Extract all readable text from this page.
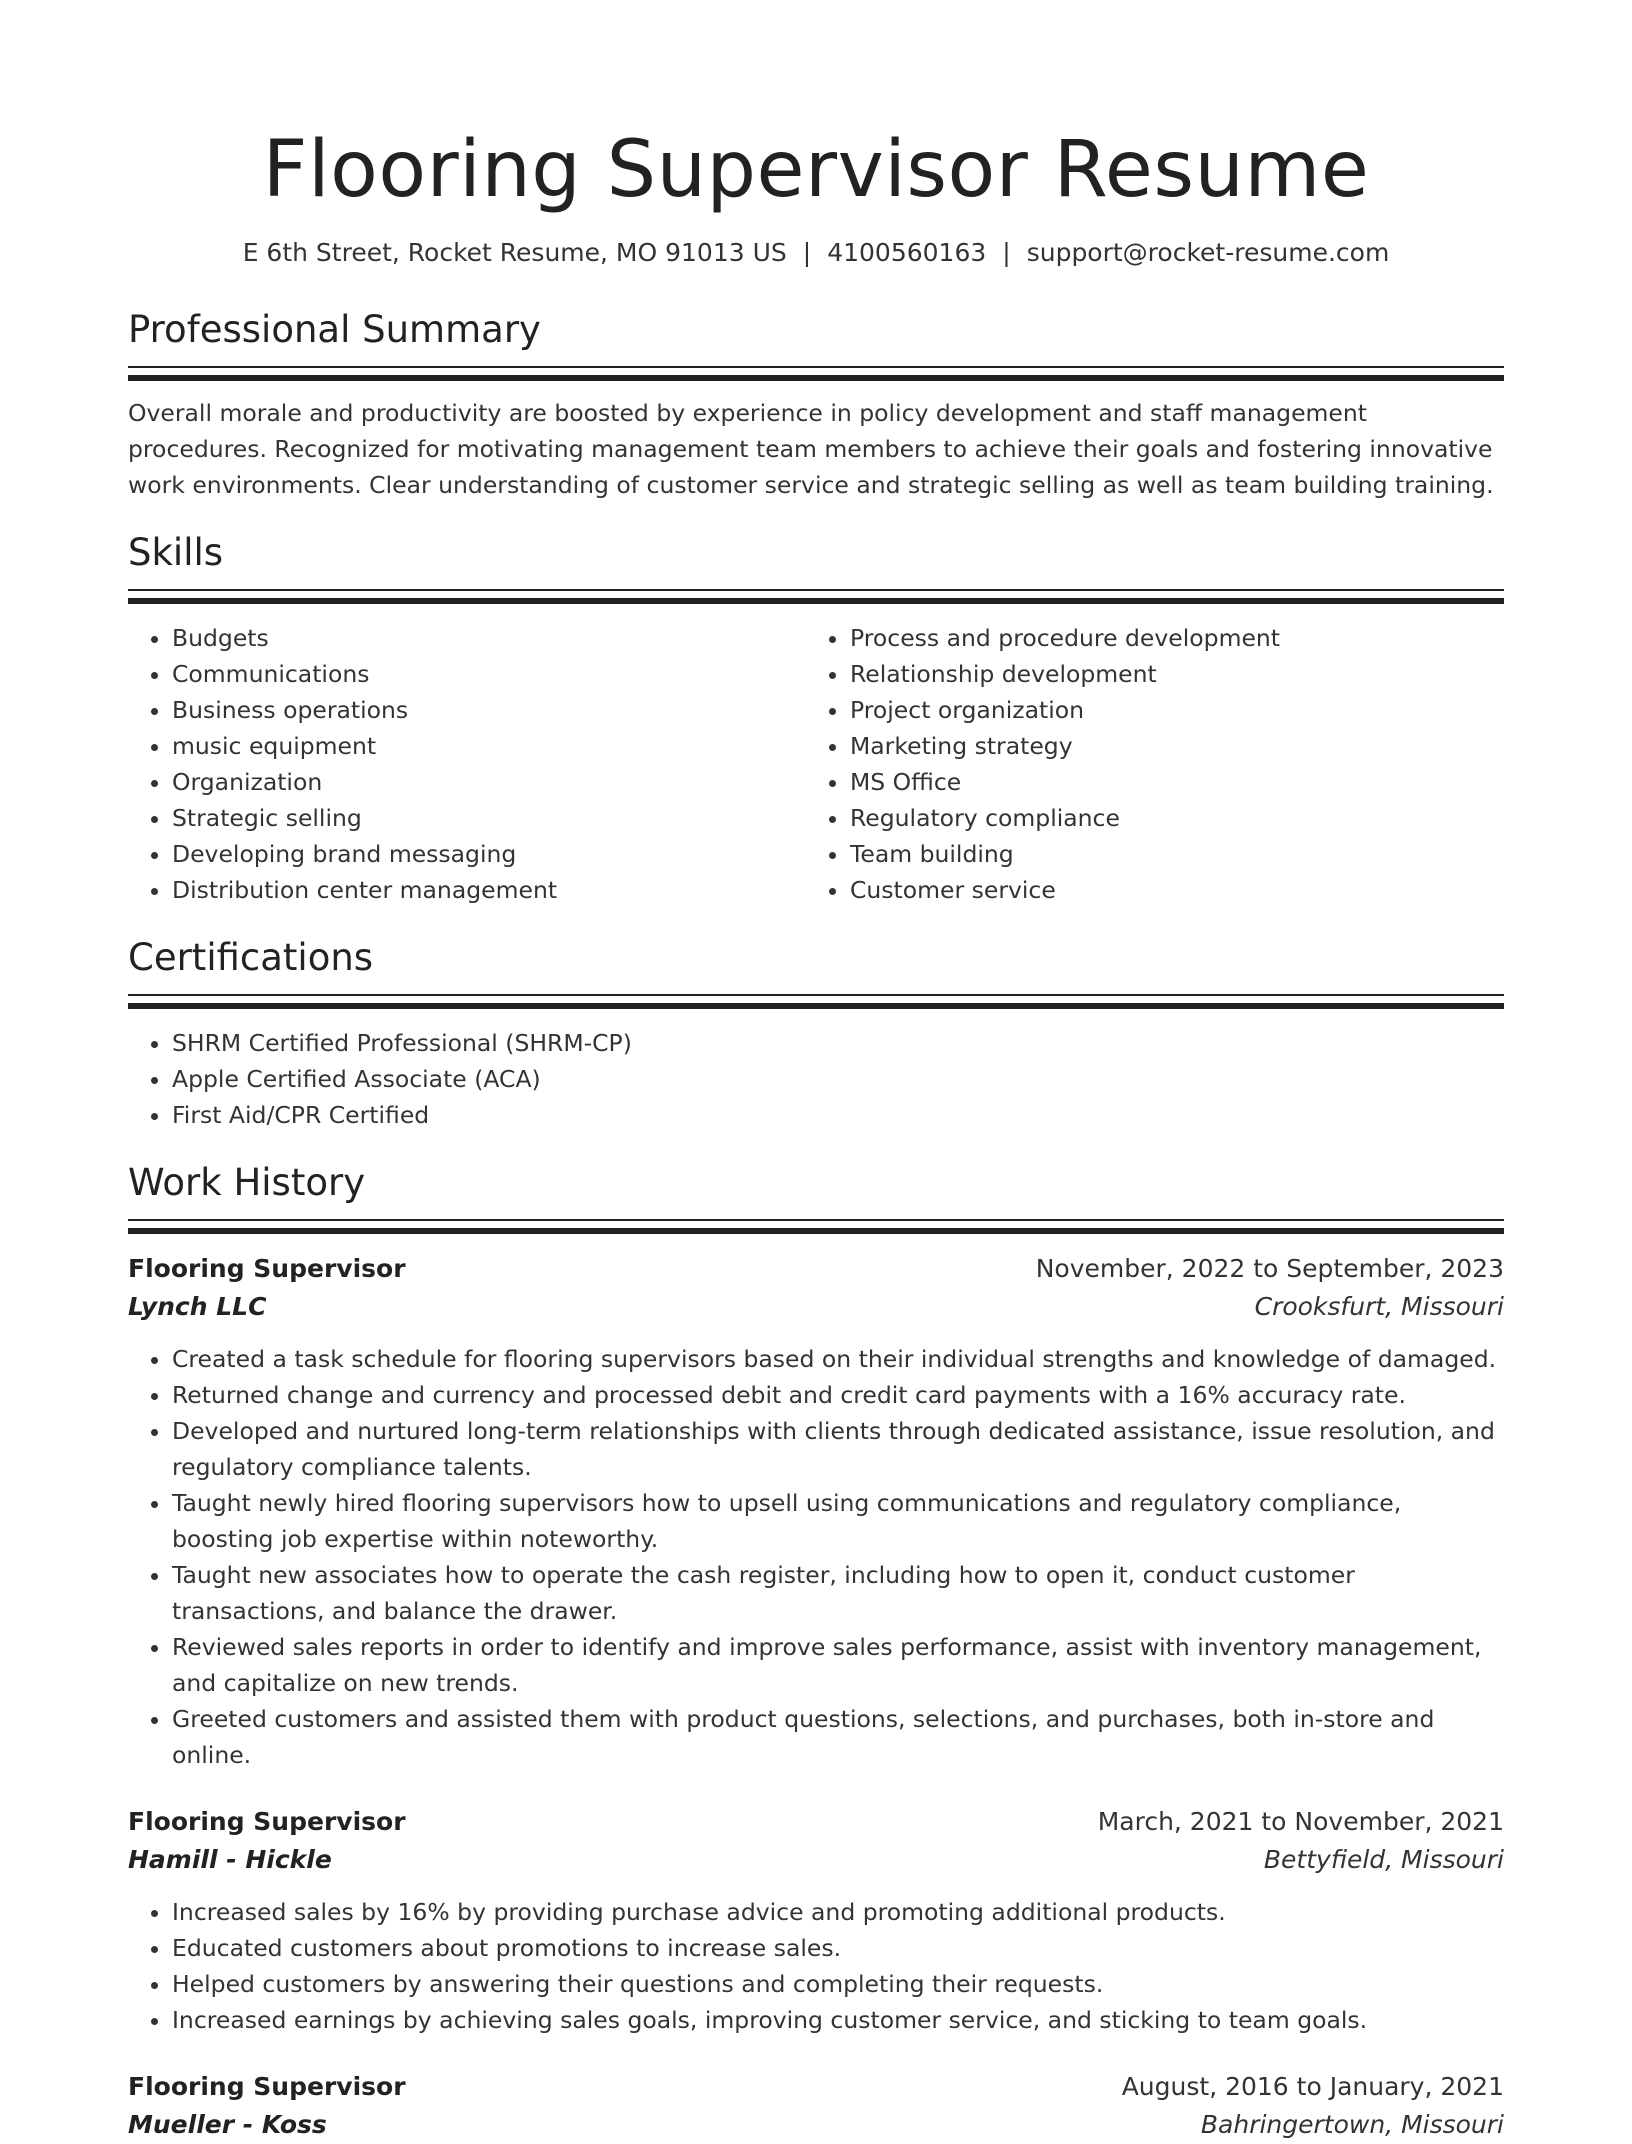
Flooring Supervisor Resume
E 6th Street, Rocket Resume, MO 91013 US | 4100560163 | support@rocket-resume.com
Professional Summary
Overall morale and productivity are boosted by experience in policy development and staff management procedures. Recognized for motivating management team members to achieve their goals and fostering innovative work environments. Clear understanding of customer service and strategic selling as well as team building training.
Skills
• Budgets
• Communications
• Business operations
• music equipment
• Organization
• Strategic selling
• Developing brand messaging
• Distribution center management
• Process and procedure development
• Relationship development
• Project organization
• Marketing strategy
• MS Office
• Regulatory compliance
• Team building
• Customer service
Certifications
• SHRM Certified Professional (SHRM-CP)
• Apple Certified Associate (ACA)
• First Aid/CPR Certified
Work History
Flooring Supervisor	November, 2022 to September, 2023
Lynch LLC	Crooksfurt, Missouri
• Created a task schedule for flooring supervisors based on their individual strengths and knowledge of damaged.
• Returned change and currency and processed debit and credit card payments with a 16% accuracy rate.
• Developed and nurtured long-term relationships with clients through dedicated assistance, issue resolution, and regulatory compliance talents.
• Taught newly hired flooring supervisors how to upsell using communications and regulatory compliance, boosting job expertise within noteworthy.
• Taught new associates how to operate the cash register, including how to open it, conduct customer transactions, and balance the drawer.
• Reviewed sales reports in order to identify and improve sales performance, assist with inventory management, and capitalize on new trends.
• Greeted customers and assisted them with product questions, selections, and purchases, both in-store and online.
Flooring Supervisor	March, 2021 to November, 2021
Hamill - Hickle	Bettyfield, Missouri
• Increased sales by 16% by providing purchase advice and promoting additional products.
• Educated customers about promotions to increase sales.
• Helped customers by answering their questions and completing their requests.
• Increased earnings by achieving sales goals, improving customer service, and sticking to team goals.
Flooring Supervisor	August, 2016 to January, 2021
Mueller - Koss	Bahringertown, Missouri
